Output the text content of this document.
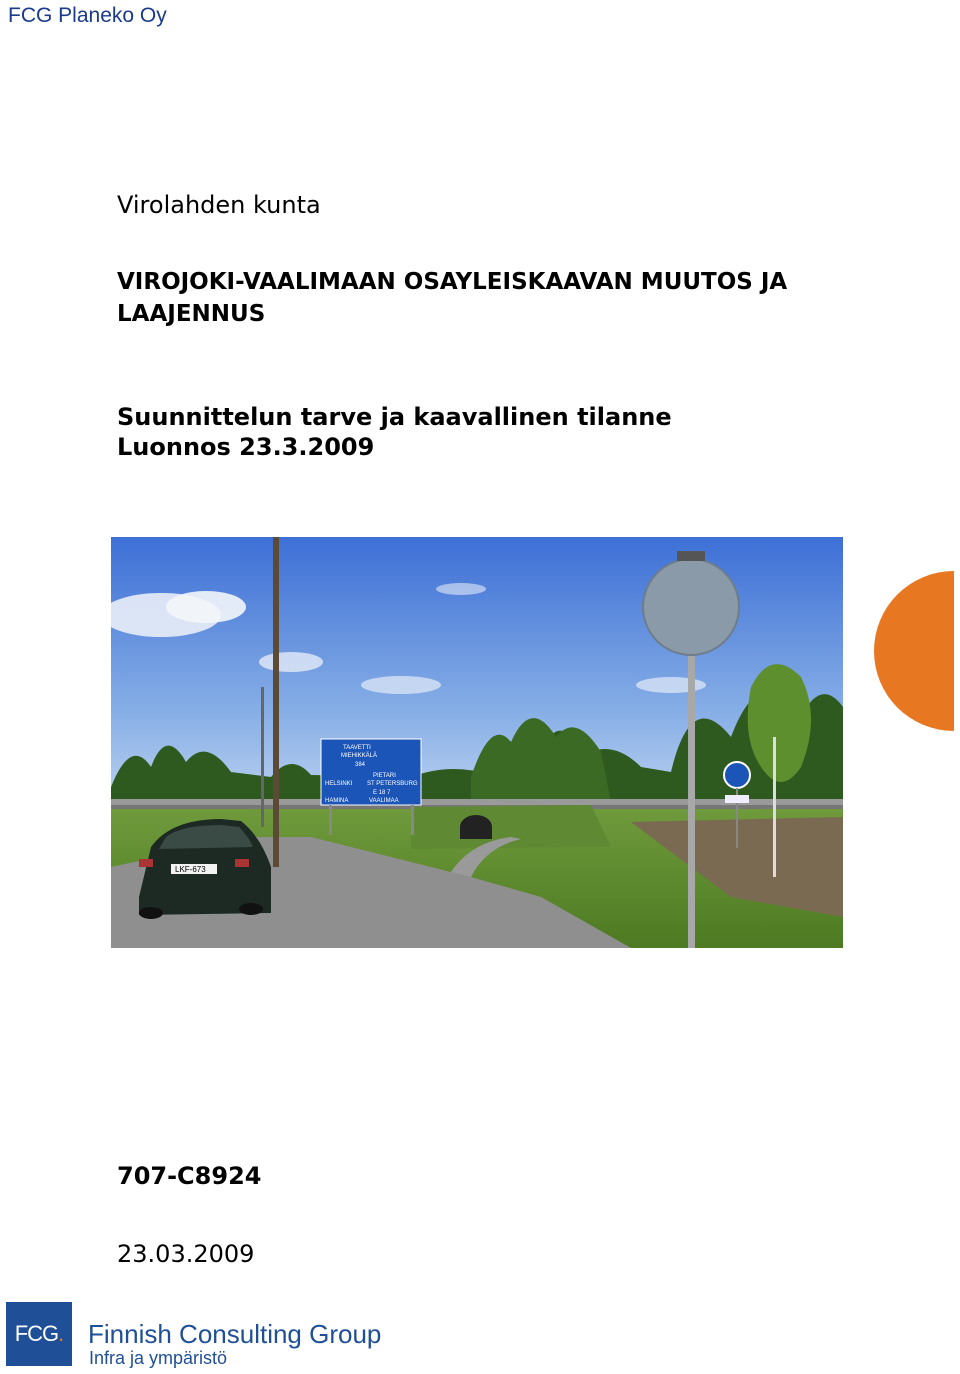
FCG Planeko Oy
Virolahden kunta
VIROJOKI-VAALIMAAN OSAYLEISKAAVAN MUUTOS JA LAAJENNUS
Suunnittelun tarve ja kaavallinen tilanne
Luonnos 23.3.2009
TAAVETTI
MIEHIKKÄLÄ
384
PIETARI
ST PETERSBURG
HELSINKI
HAMINA	VAALIMAA
E 18 7
LKF-673
707-C8924
23.03.2009
FCG . Finnish Consulting Group
Infra ja ympäristö
